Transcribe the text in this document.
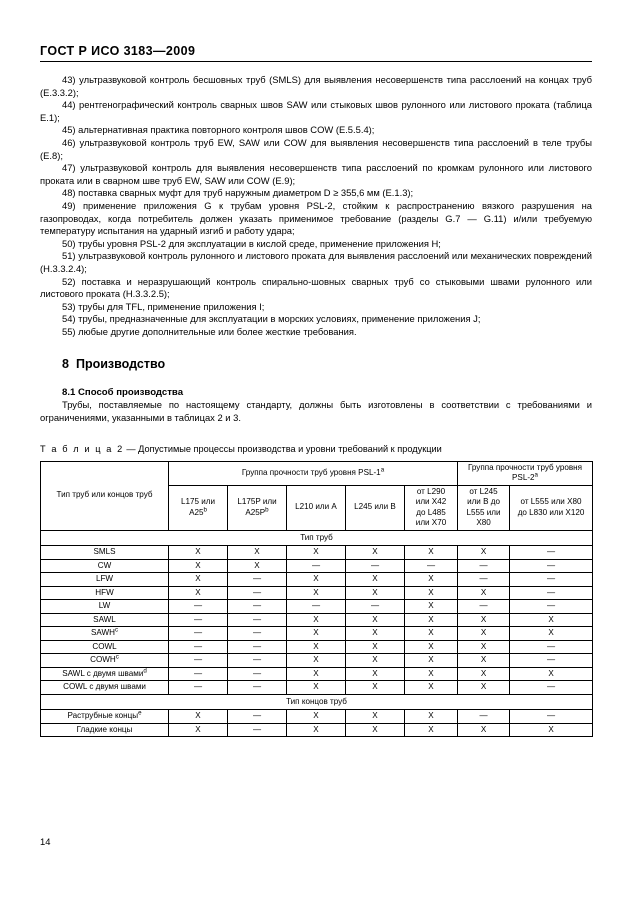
ГОСТ Р ИСО 3183—2009

43) ультразвуковой контроль бесшовных труб (SMLS) для выявления несовершенств типа расслоений на концах труб (Е.3.3.2);

44) рентгенографический контроль сварных швов SAW или стыковых швов рулонного или листового проката (таблица Е.1);

45) альтернативная практика повторного контроля швов COW (Е.5.5.4);

46) ультразвуковой контроль труб EW, SAW или COW для выявления несовершенств типа расслоений в теле трубы (Е.8);

47) ультразвуковой контроль для выявления несовершенств типа расслоений по кромкам рулонного или листового проката или в сварном шве труб EW, SAW или COW (Е.9);

48) поставка сварных муфт для труб наружным диаметром D ≥ 355,6 мм (Е.1.3);

49) применение приложения G к трубам уровня PSL-2, стойким к распространению вязкого разрушения на газопроводах, когда потребитель должен указать применимое требование (разделы G.7 — G.11) и/или требуемую температуру испытания на ударный изгиб и работу удара;

50) трубы уровня PSL-2 для эксплуатации в кислой среде, применение приложения Н;

51) ультразвуковой контроль рулонного и листового проката для выявления расслоений или механических повреждений (Н.3.3.2.4);

52) поставка и неразрушающий контроль спирально-шовных сварных труб со стыковыми швами рулонного или листового проката (Н.3.3.2.5);

53) трубы для TFL, применение приложения I;

54) трубы, предназначенные для эксплуатации в морских условиях, применение приложения J;

55) любые другие дополнительные или более жесткие требования.

8 Производство
8.1 Способ производства

Трубы, поставляемые по настоящему стандарту, должны быть изготовлены в соответствии с требованиями и ограничениями, указанными в таблицах 2 и 3.

Т а б л и ц а 2 — Допустимые процессы производства и уровни требований к продукции
Тип труб или концов труб	Группа прочности труб уровня PSL-1$^a$					Группа прочности труб уровня PSL-2$^a$
	L175 или
A25$^b$	L175P или
$A25P^b$	L210 или A	L245 или B	от L290
или X42
до L485
или X70	от L245
или B до
L555 или
X80	от L555 или X80
до L830 или X120
Тип труб							
SMLS	X	X	X	X	X	X	—
CW	X	X	—	—	—	—	—
LFW	X	—	X	X	X	—	—
HFW	X	—	X	X	X	X	—
LW	—	—	—	—	X	—	—
SAWL	—	—	X	X	X	X	X
SAWH$^c$	—	—	X	X	X	X	X
COWL	—	—	X	X	X	X	—
COWH$^c$	—	—	X	X	X	X	—
SAWL с двумя швами$^d$	—	—	X	X	X	X	X
COWL с двумя швами	—	—	X	X	X	X	—
Тип концов труб							
Раструбные концы$^e$	X	—	X	X	X	—	—
Гладкие концы	X	—	X	X	X	X	X
14
